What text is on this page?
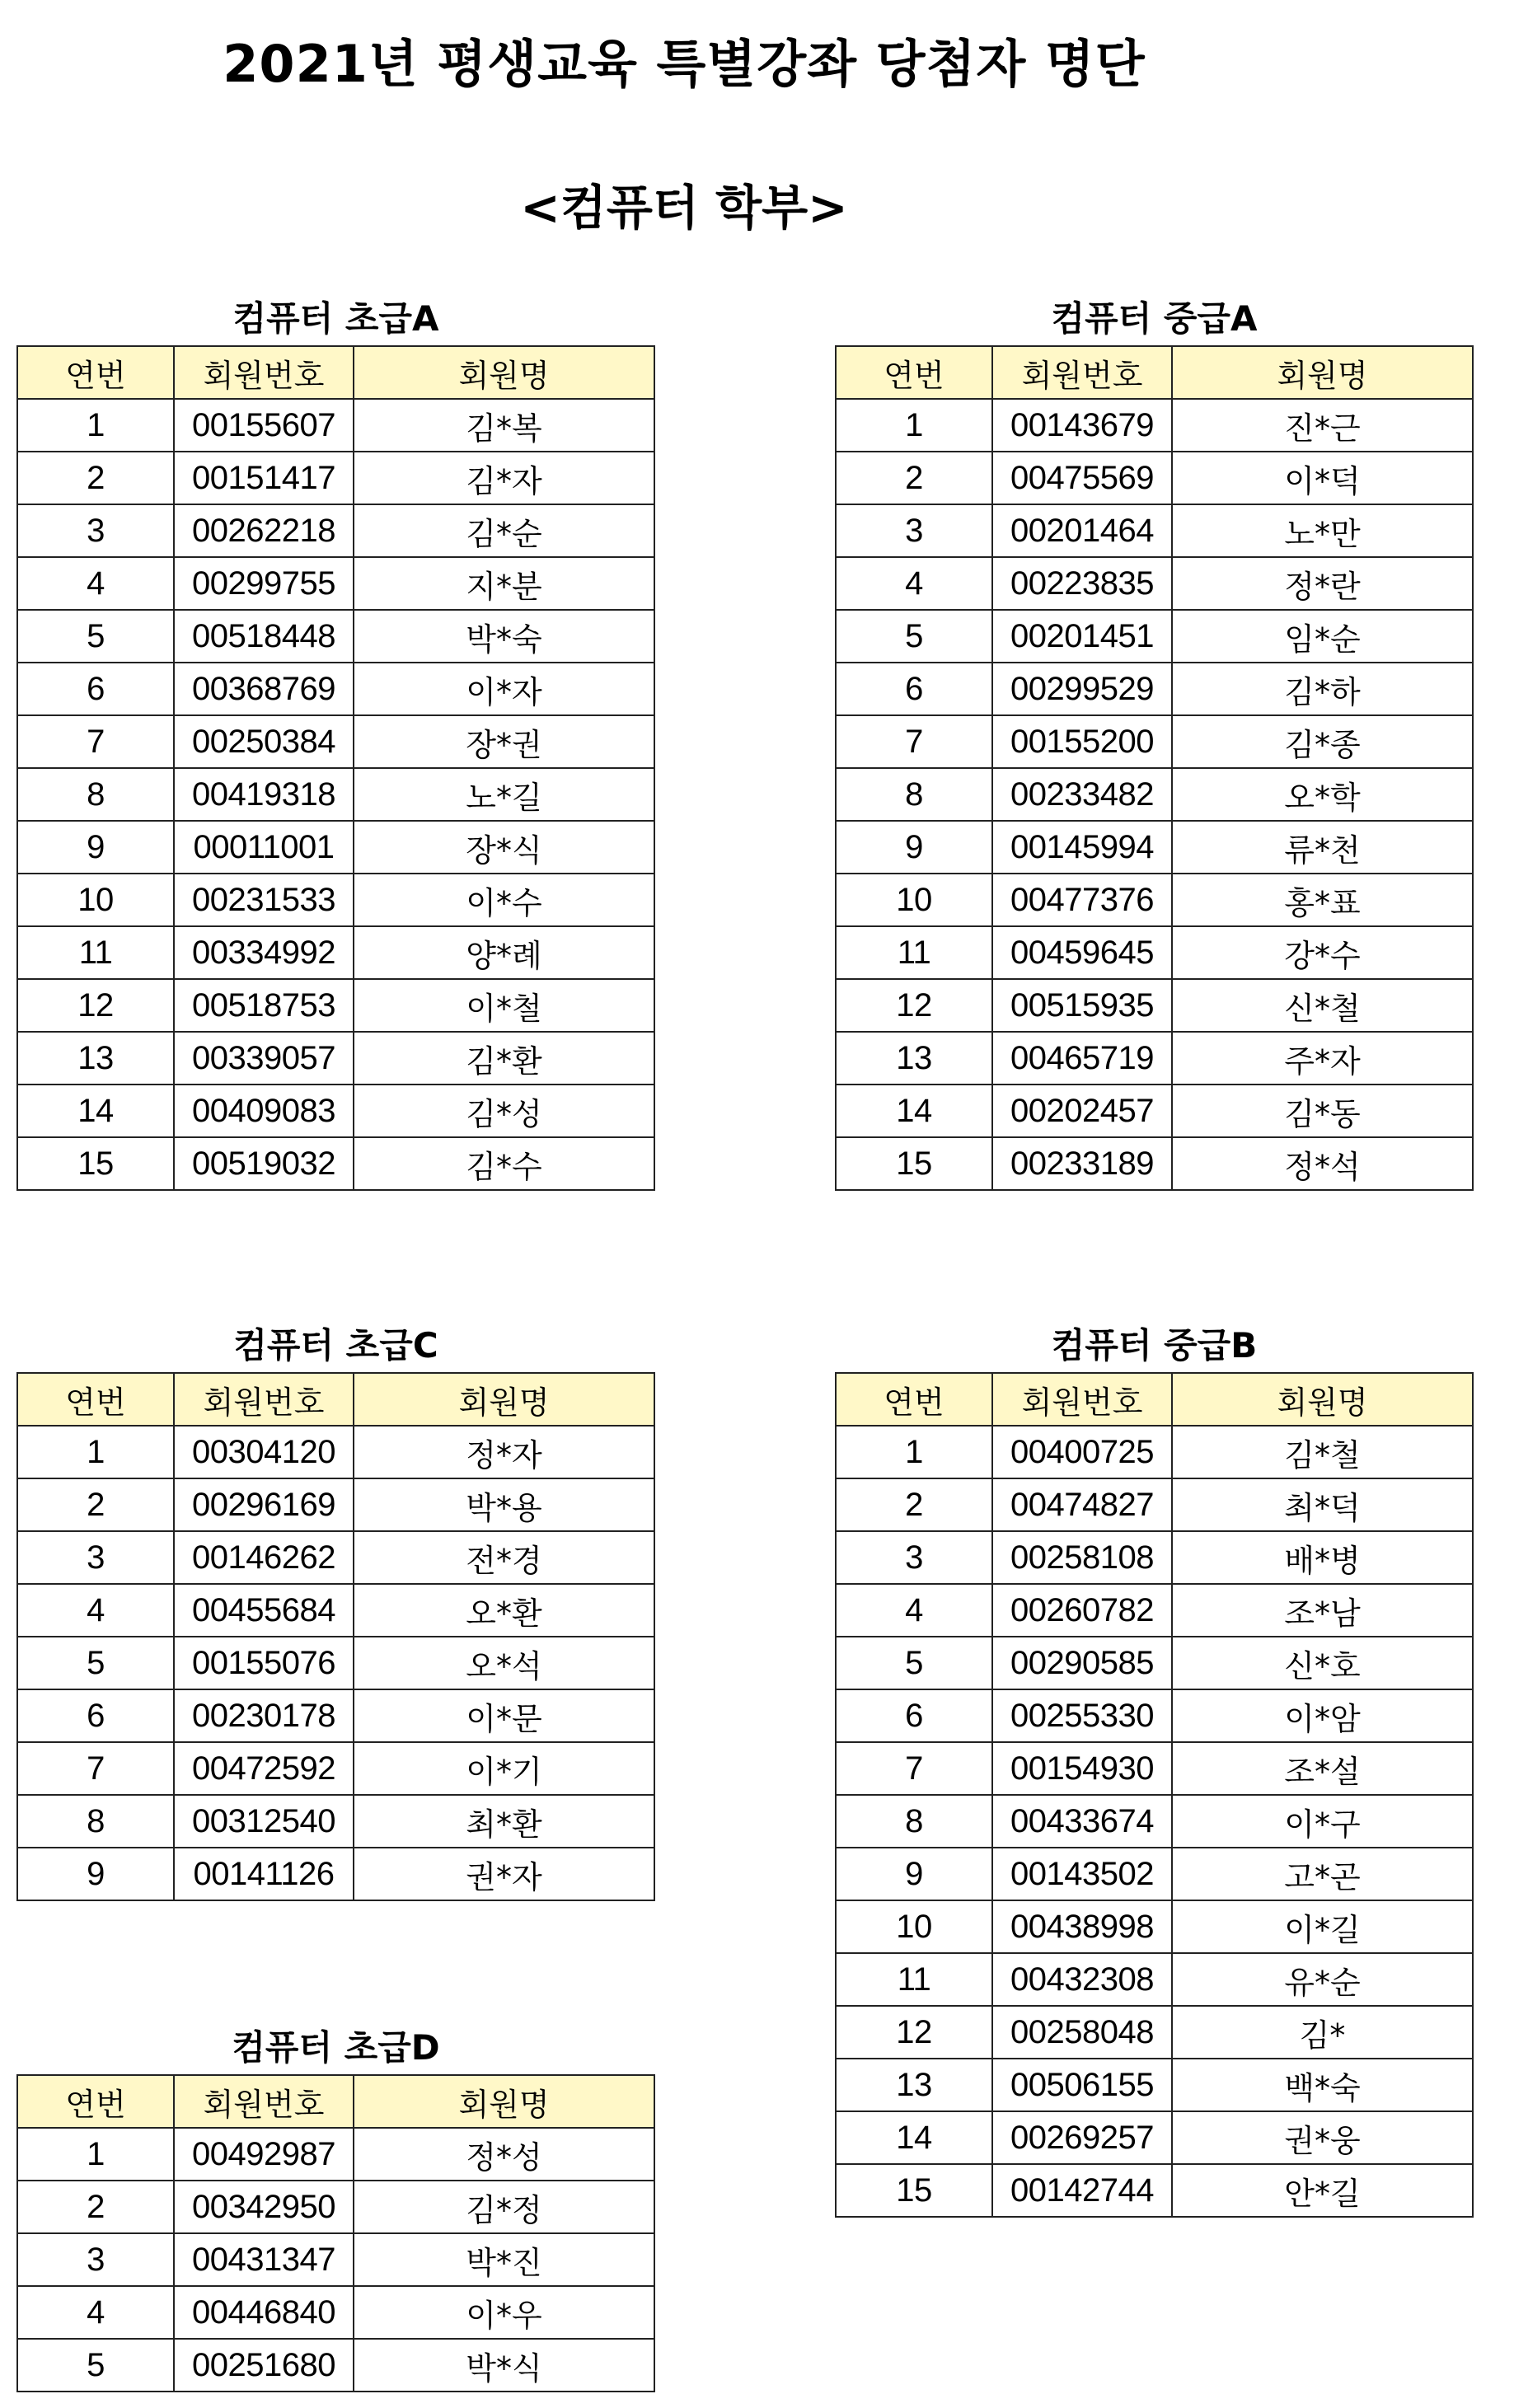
2021년 평생교육 특별강좌 당첨자 명단
<컴퓨터 학부>
컴퓨터 초급A
연번	회원번호	회원명
1	00155607	김*복
2	00151417	김*자
3	00262218	김*순
4	00299755	지*분
5	00518448	박*숙
6	00368769	이*자
7	00250384	장*권
8	00419318	노*길
9	00011001	장*식
10	00231533	이*수
11	00334992	양*례
12	00518753	이*철
13	00339057	김*환
14	00409083	김*성
15	00519032	김*수
컴퓨터 중급A
연번	회원번호	회원명
1	00143679	진*근
2	00475569	이*덕
3	00201464	노*만
4	00223835	정*란
5	00201451	임*순
6	00299529	김*하
7	00155200	김*종
8	00233482	오*학
9	00145994	류*천
10	00477376	홍*표
11	00459645	강*수
12	00515935	신*철
13	00465719	주*자
14	00202457	김*동
15	00233189	정*석
컴퓨터 초급C
연번	회원번호	회원명
1	00304120	정*자
2	00296169	박*용
3	00146262	전*경
4	00455684	오*환
5	00155076	오*석
6	00230178	이*문
7	00472592	이*기
8	00312540	최*환
9	00141126	권*자
컴퓨터 중급B
연번	회원번호	회원명
1	00400725	김*철
2	00474827	최*덕
3	00258108	배*병
4	00260782	조*남
5	00290585	신*호
6	00255330	이*암
7	00154930	조*설
8	00433674	이*구
9	00143502	고*곤
10	00438998	이*길
11	00432308	유*순
12	00258048	김*
13	00506155	백*숙
14	00269257	권*웅
15	00142744	안*길
컴퓨터 초급D
연번	회원번호	회원명
1	00492987	정*성
2	00342950	김*정
3	00431347	박*진
4	00446840	이*우
5	00251680	박*식
